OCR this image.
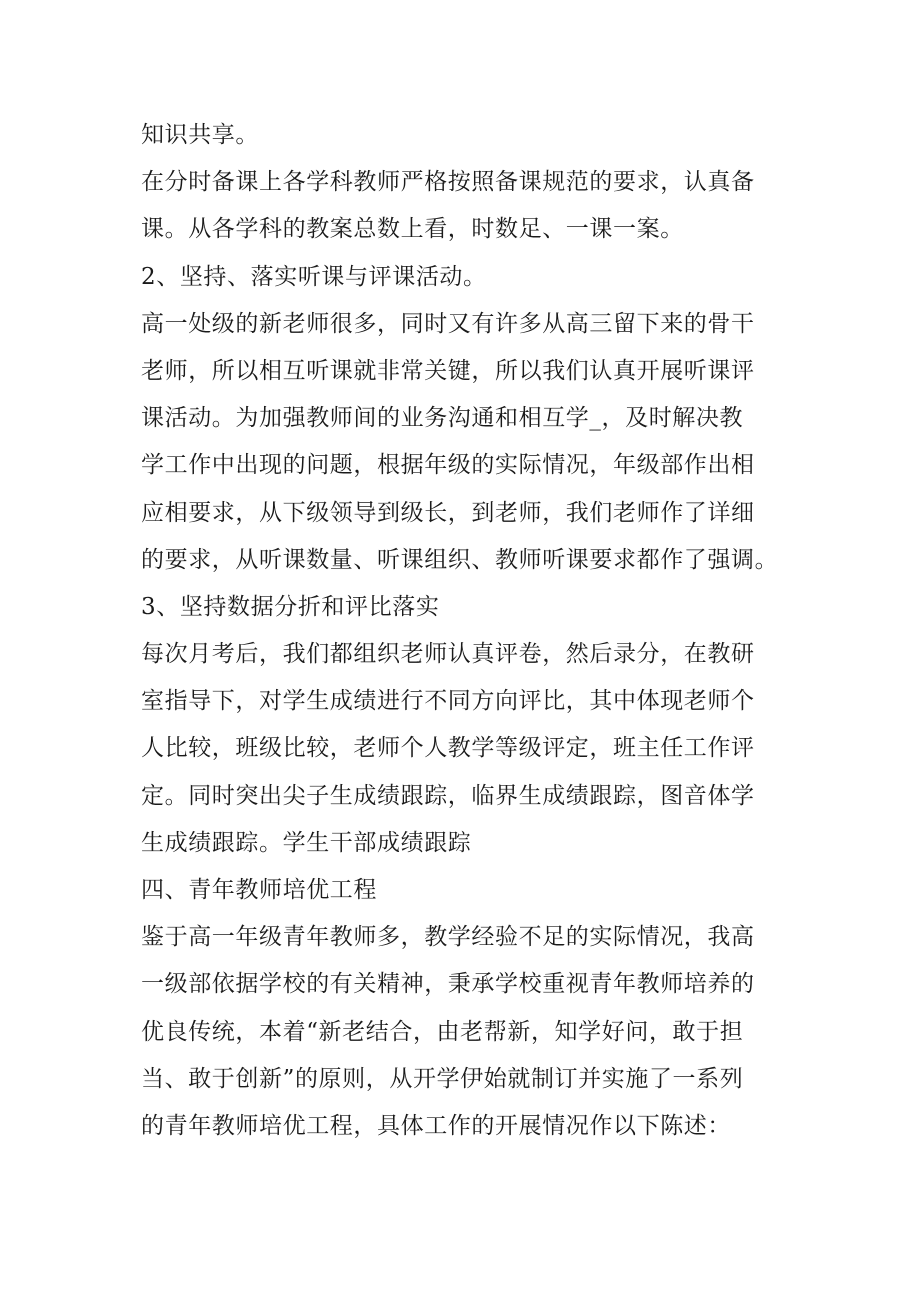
知识共享。
在分时备课上各学科教师严格按照备课规范的要求，认真备
课。从各学科的教案总数上看，时数足、一课一案。
2、坚持、落实听课与评课活动。
高一处级的新老师很多，同时又有许多从高三留下来的骨干
老师，所以相互听课就非常关键，所以我们认真开展听课评
课活动。为加强教师间的业务沟通和相互学_，及时解决教
学工作中出现的问题，根据年级的实际情况，年级部作出相
应相要求，从下级领导到级长，到老师，我们老师作了详细
的要求，从听课数量、听课组织、教师听课要求都作了强调。
3、坚持数据分折和评比落实
每次月考后，我们都组织老师认真评卷，然后录分，在教研
室指导下，对学生成绩进行不同方向评比，其中体现老师个
人比较，班级比较，老师个人教学等级评定，班主任工作评
定。同时突出尖子生成绩跟踪，临界生成绩跟踪，图音体学
生成绩跟踪。学生干部成绩跟踪
四、青年教师培优工程
鉴于高一年级青年教师多，教学经验不足的实际情况，我高
一级部依据学校的有关精神，秉承学校重视青年教师培养的
优良传统，本着“新老结合，由老帮新，知学好问，敢于担
当、敢于创新”的原则，从开学伊始就制订并实施了一系列
的青年教师培优工程，具体工作的开展情况作以下陈述：
